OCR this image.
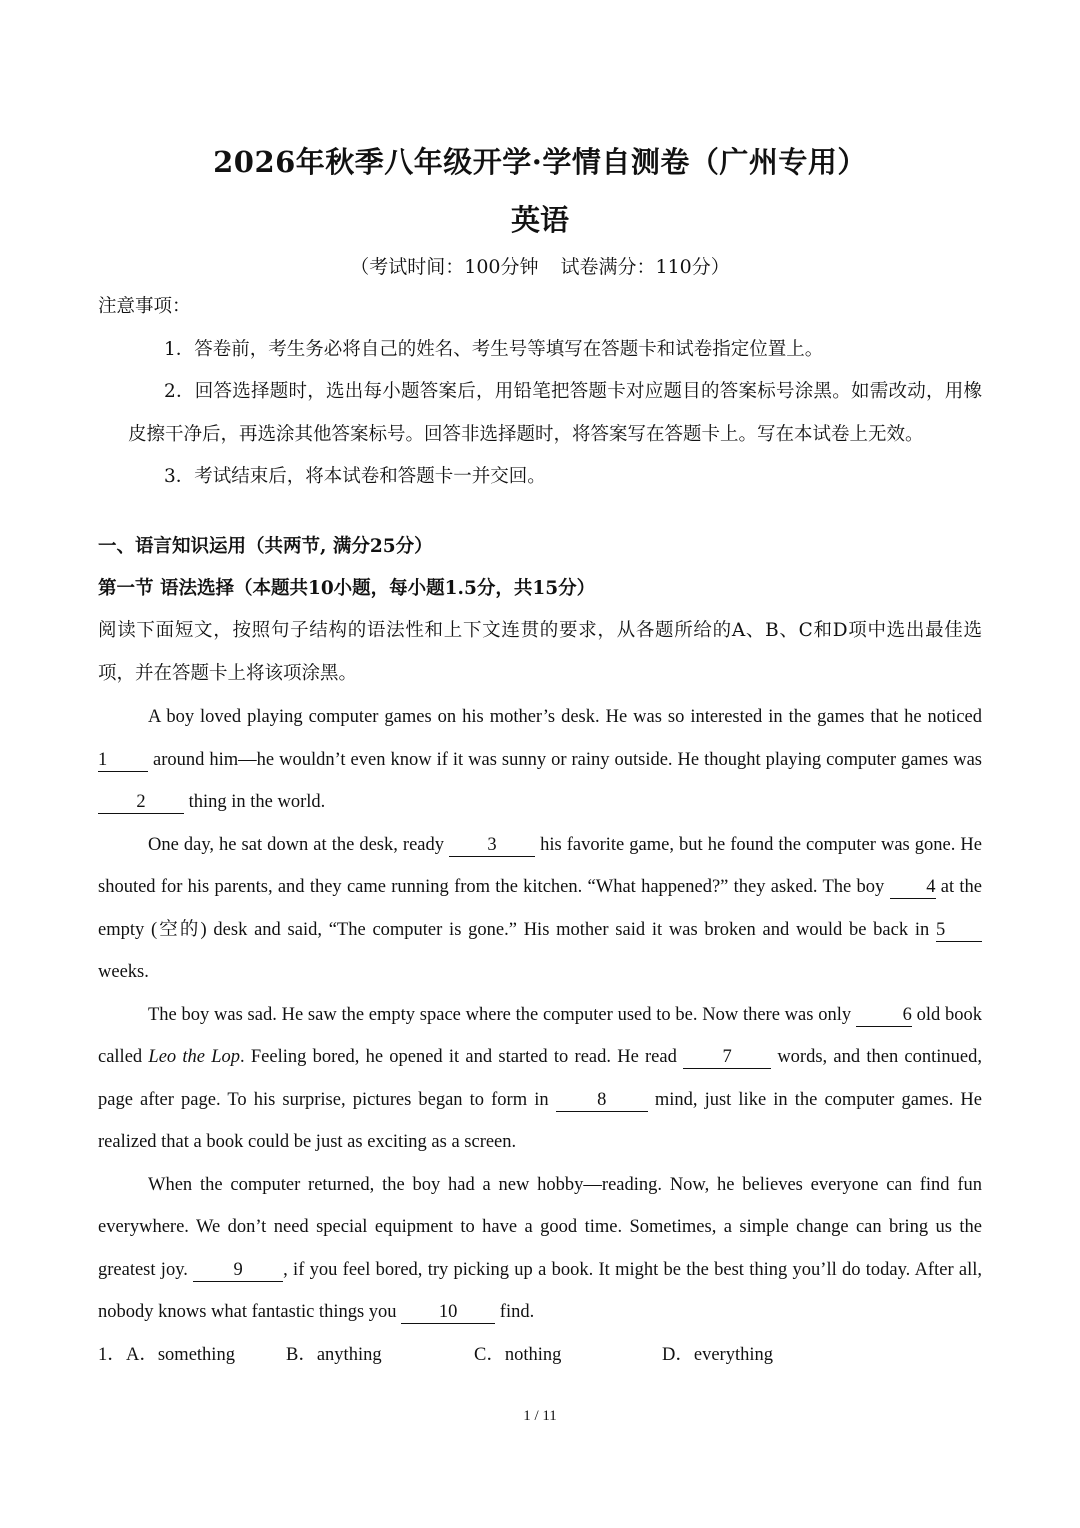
2026年秋季八年级开学·学情自测卷（广州专用）
英语
（考试时间：100分钟 试卷满分：110分）
注意事项：
1．答卷前，考生务必将自己的姓名、考生号等填写在答题卡和试卷指定位置上。
2．回答选择题时，选出每小题答案后，用铅笔把答题卡对应题目的答案标号涂黑。如需改动，用橡皮擦干净后，再选涂其他答案标号。回答非选择题时，将答案写在答题卡上。写在本试卷上无效。
3．考试结束后，将本试卷和答题卡一并交回。
一、语言知识运用（共两节, 满分25分）
第一节 语法选择（本题共10小题，每小题1.5分，共15分）
阅读下面短文，按照句子结构的语法性和上下文连贯的要求，从各题所给的A、B、C和D项中选出最佳选项，并在答题卡上将该项涂黑。

A boy loved playing computer games on his mother’s desk. He was so interested in the games that he noticed 1 around him—he wouldn’t even know if it was sunny or rainy outside. He thought playing computer games was 2 thing in the world.

One day, he sat down at the desk, ready 3 his favorite game, but he found the computer was gone. He shouted for his parents, and they came running from the kitchen. “What happened?” they asked. The boy 4 at the empty (空的) desk and said, “The computer is gone.” His mother said it was broken and would be back in 5 weeks.

The boy was sad. He saw the empty space where the computer used to be. Now there was only	6 old book called Leo the Lop. Feeling bored, he opened it and started to read. He read 7 words, and then continued, page after page. To his surprise, pictures began to form in 8 mind, just like in the computer games. He realized that a book could be just as exciting as a screen.

When the computer returned, the boy had a new hobby—reading. Now, he believes everyone can find fun everywhere. We don’t need special equipment to have a good time. Sometimes, a simple change can bring us the greatest joy. 9 , if you feel bored, try picking up a book. It might be the best thing you’ll do today. After all, nobody knows what fantastic things you 10 find.

1．A．something	B．anything	C．nothing	D．everything
1 / 11
